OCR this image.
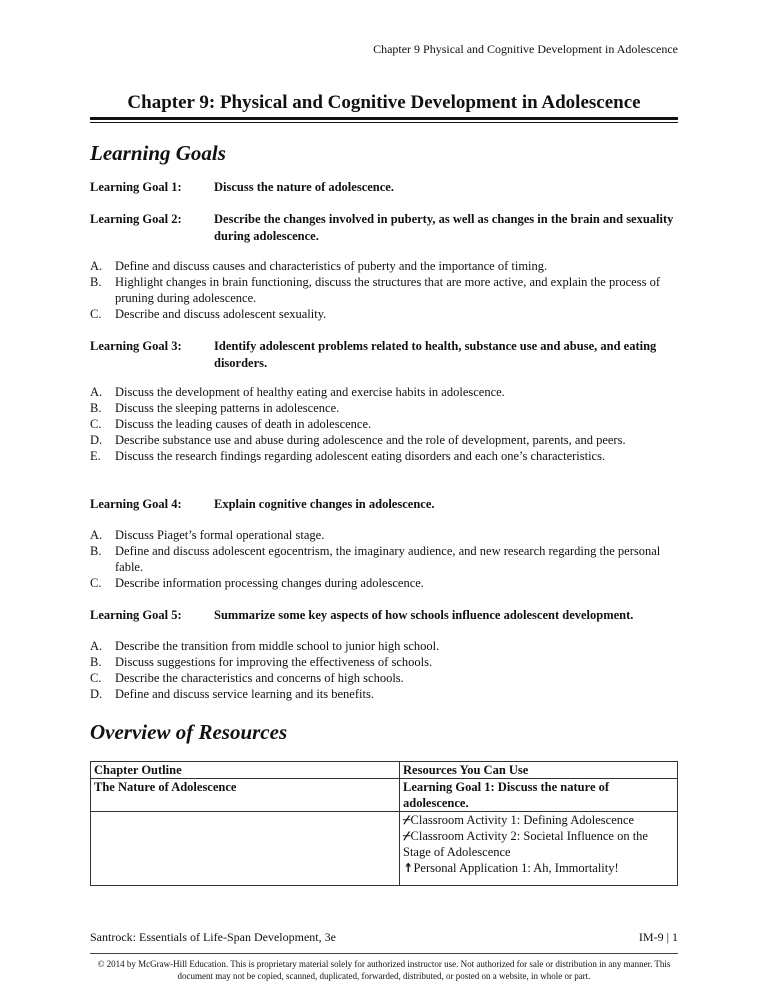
Chapter 9 Physical and Cognitive Development in Adolescence
Chapter 9: Physical and Cognitive Development in Adolescence
Learning Goals
Learning Goal 1:	Discuss the nature of adolescence.
Learning Goal 2:	Describe the changes involved in puberty, as well as changes in the brain and sexuality during adolescence.
A. Define and discuss causes and characteristics of puberty and the importance of timing.
B. Highlight changes in brain functioning, discuss the structures that are more active, and explain the process of pruning during adolescence.
C. Describe and discuss adolescent sexuality.
Learning Goal 3:	Identify adolescent problems related to health, substance use and abuse, and eating disorders.
A. Discuss the development of healthy eating and exercise habits in adolescence.
B. Discuss the sleeping patterns in adolescence.
C. Discuss the leading causes of death in adolescence.
D. Describe substance use and abuse during adolescence and the role of development, parents, and peers.
E. Discuss the research findings regarding adolescent eating disorders and each one’s characteristics.
Learning Goal 4:	Explain cognitive changes in adolescence.
A. Discuss Piaget’s formal operational stage.
B. Define and discuss adolescent egocentrism, the imaginary audience, and new research regarding the personal fable.
C. Describe information processing changes during adolescence.
Learning Goal 5:	Summarize some key aspects of how schools influence adolescent development.
A. Describe the transition from middle school to junior high school.
B. Discuss suggestions for improving the effectiveness of schools.
C. Describe the characteristics and concerns of high schools.
D. Define and discuss service learning and its benefits.
Overview of Resources
Chapter Outline	Resources You Can Use
The Nature of Adolescence	Learning Goal 1: Discuss the nature of adolescence.

	⌿Classroom Activity 1: Defining Adolescence
⌿Classroom Activity 2: Societal Influence on the Stage of Adolescence
↟Personal Application 1: Ah, Immortality!
Santrock: Essentials of Life-Span Development, 3e	IM-9 | 1
© 2014 by McGraw-Hill Education. This is proprietary material solely for authorized instructor use. Not authorized for sale or distribution in any manner. This document may not be copied, scanned, duplicated, forwarded, distributed, or posted on a website, in whole or part.
